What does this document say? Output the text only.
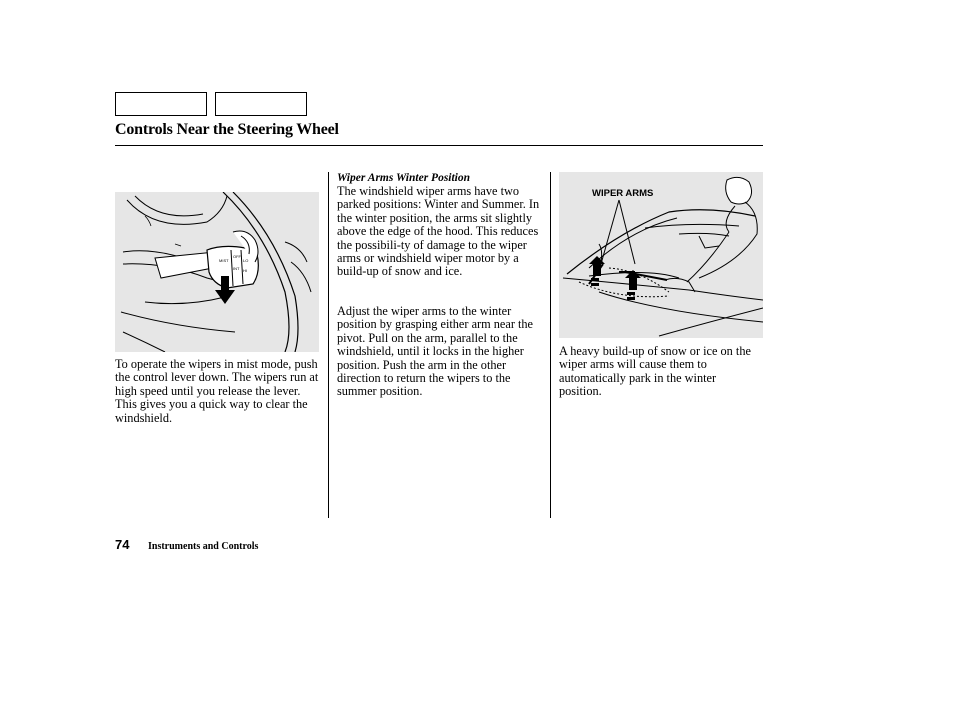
Controls Near the Steering Wheel
MIST
OFF
INT
LO
HI
To operate the wipers in mist mode, push the control lever down. The wipers run at high speed until you release the lever. This gives you a quick way to clear the windshield.
Wiper Arms Winter Position
The windshield wiper arms have two parked positions: Winter and Summer. In the winter position, the arms sit slightly above the edge of the hood. This reduces the possibili-ty of damage to the wiper arms or windshield wiper motor by a build-up of snow and ice.
Adjust the wiper arms to the winter position by grasping either arm near the pivot. Pull on the arm, parallel to the windshield, until it locks in the higher position. Push the arm in the other direction to return the wipers to the summer position.
WIPER ARMS
A heavy build-up of snow or ice on the wiper arms will cause them to automatically park in the winter position.
74 Instruments and Controls
